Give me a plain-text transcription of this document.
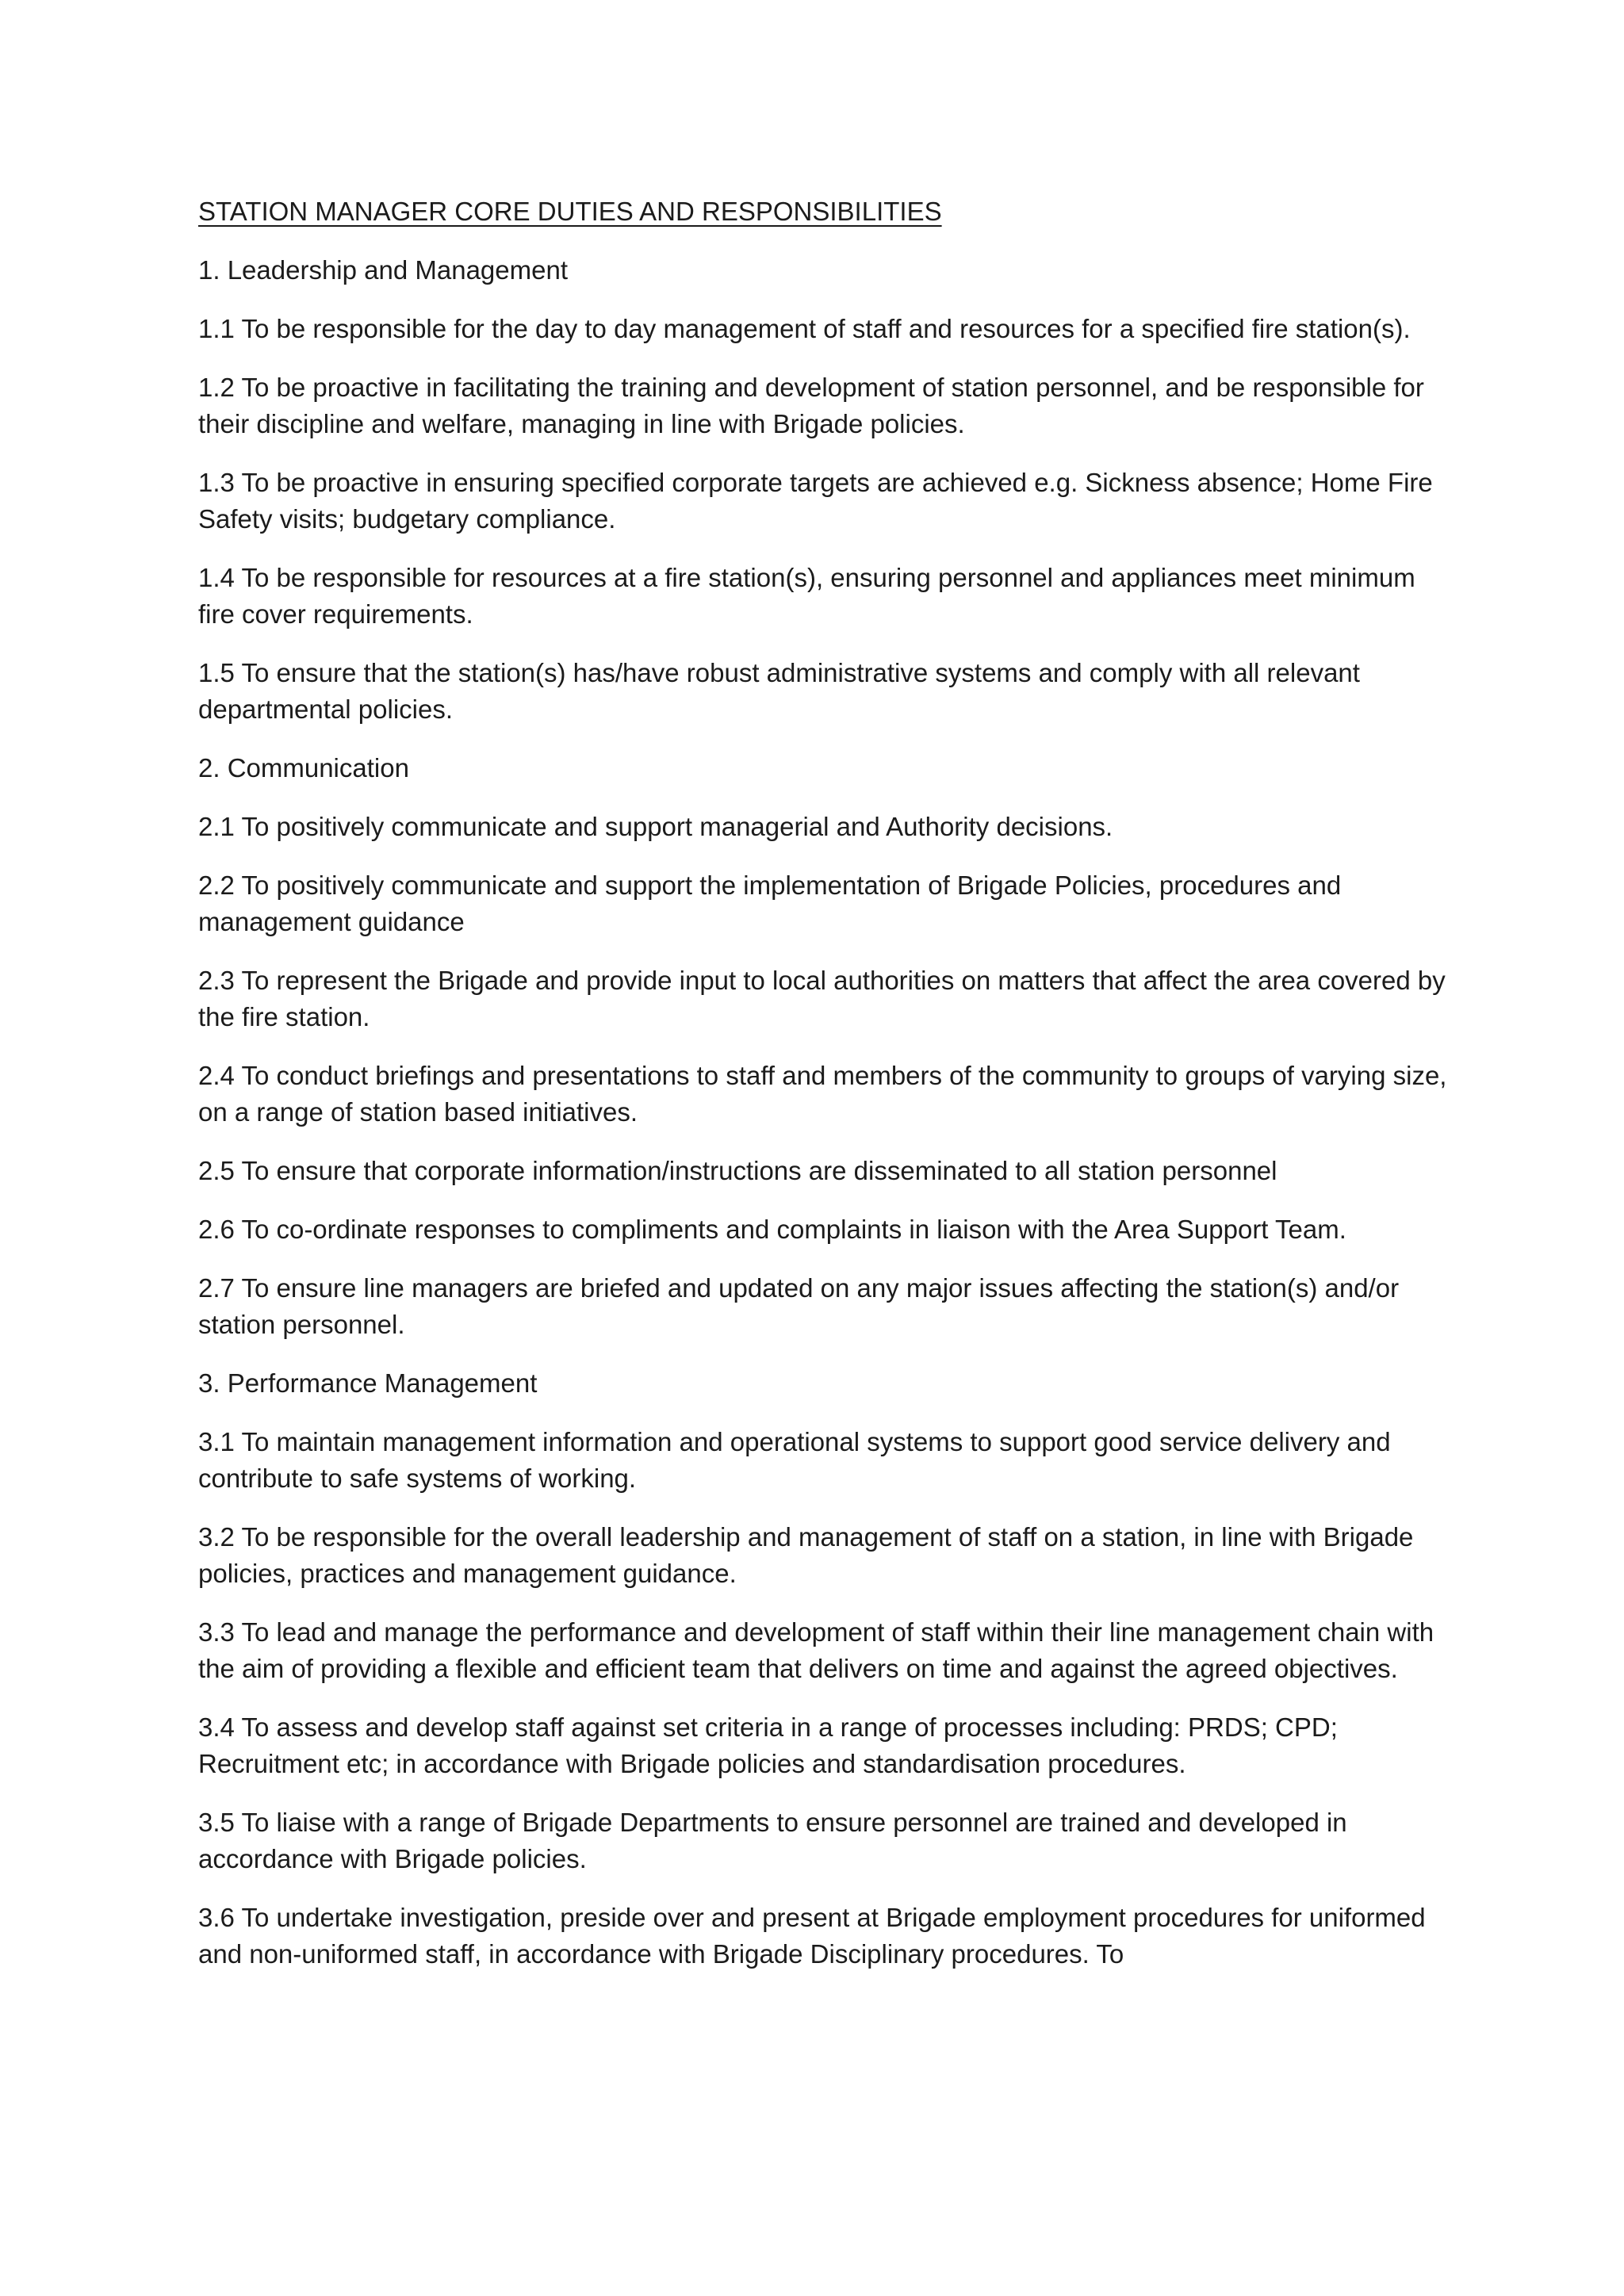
STATION MANAGER CORE DUTIES AND RESPONSIBILITIES
1. Leadership and Management
1.1 To be responsible for the day to day management of staff and resources for a specified fire station(s).
1.2 To be proactive in facilitating the training and development of station personnel, and be responsible for their discipline and welfare, managing in line with Brigade policies.
1.3 To be proactive in ensuring specified corporate targets are achieved e.g. Sickness absence; Home Fire Safety visits; budgetary compliance.
1.4 To be responsible for resources at a fire station(s), ensuring personnel and appliances meet minimum fire cover requirements.
1.5 To ensure that the station(s) has/have robust administrative systems and comply with all relevant departmental policies.
2. Communication
2.1 To positively communicate and support managerial and Authority decisions.
2.2 To positively communicate and support the implementation of Brigade Policies, procedures and management guidance
2.3 To represent the Brigade and provide input to local authorities on matters that affect the area covered by the fire station.
2.4 To conduct briefings and presentations to staff and members of the community to groups of varying size, on a range of station based initiatives.
2.5 To ensure that corporate information/instructions are disseminated to all station personnel
2.6 To co-ordinate responses to compliments and complaints in liaison with the Area Support Team.
2.7 To ensure line managers are briefed and updated on any major issues affecting the station(s) and/or station personnel.
3. Performance Management
3.1 To maintain management information and operational systems to support good service delivery and contribute to safe systems of working.
3.2 To be responsible for the overall leadership and management of staff on a station, in line with Brigade policies, practices and management guidance.
3.3 To lead and manage the performance and development of staff within their line management chain with the aim of providing a flexible and efficient team that delivers on time and against the agreed objectives.
3.4 To assess and develop staff against set criteria in a range of processes including: PRDS; CPD; Recruitment etc; in accordance with Brigade policies and standardisation procedures.
3.5 To liaise with a range of Brigade Departments to ensure personnel are trained and developed in accordance with Brigade policies.
3.6 To undertake investigation, preside over and present at Brigade employment procedures for uniformed and non-uniformed staff, in accordance with Brigade Disciplinary procedures. To
